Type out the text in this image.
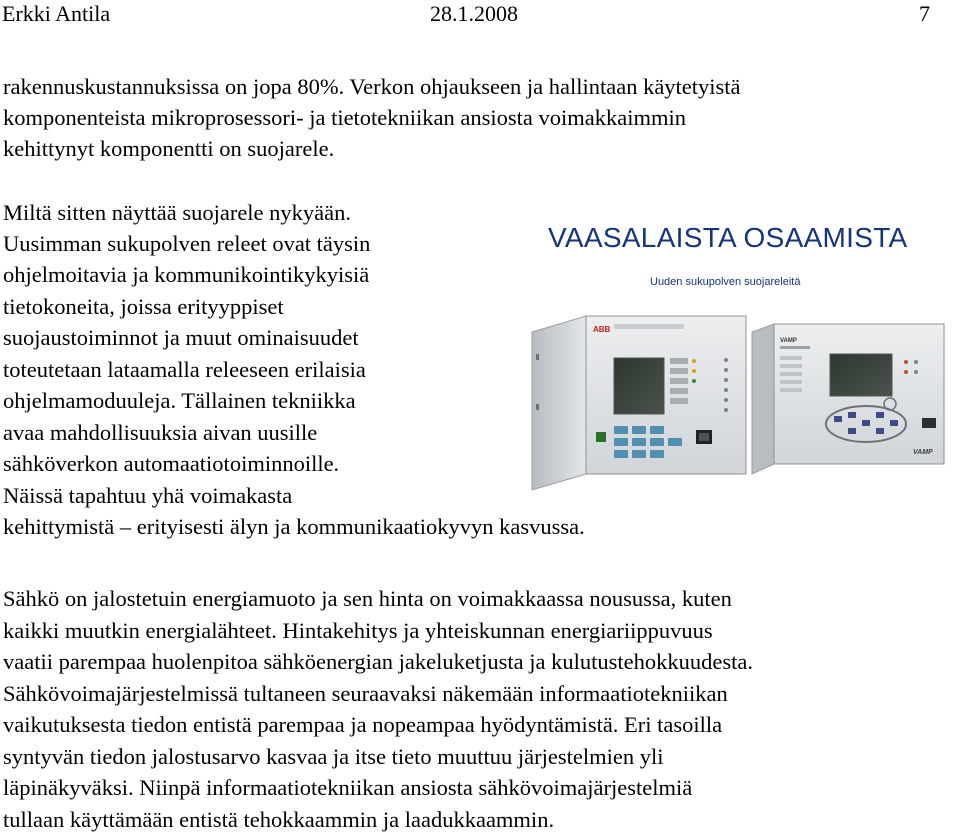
Erkki Antila	28.1.2008	7
rakennuskustannuksissa on jopa 80%. Verkon ohjaukseen ja hallintaan käytetyistä
komponenteista mikroprosessori- ja tietotekniikan ansiosta voimakkaimmin
kehittynyt komponentti on suojarele.
Miltä sitten näyttää suojarele nykyään.
Uusimman sukupolven releet ovat täysin
ohjelmoitavia ja kommunikointikykyisiä
tietokoneita, joissa erityyppiset
suojaustoiminnot ja muut ominaisuudet
toteutetaan lataamalla releeseen erilaisia
ohjelmamoduuleja. Tällainen tekniikka
avaa mahdollisuuksia aivan uusille
sähköverkon automaatiotoiminnoille.
Näissä tapahtuu yhä voimakasta
kehittymistä – erityisesti älyn ja kommunikaatiokyvyn kasvussa.
VAASALAISTA OSAAMISTA
Uuden sukupolven suojareleitä
ABB
VAMP
VAMP
Sähkö on jalostetuin energiamuoto ja sen hinta on voimakkaassa nousussa, kuten
kaikki muutkin energialähteet. Hintakehitys ja yhteiskunnan energiariippuvuus
vaatii parempaa huolenpitoa sähköenergian jakeluketjusta ja kulutustehokkuudesta.
Sähkövoimajärjestelmissä tultaneen seuraavaksi näkemään informaatiotekniikan
vaikutuksesta tiedon entistä parempaa ja nopeampaa hyödyntämistä. Eri tasoilla
syntyvän tiedon jalostusarvo kasvaa ja itse tieto muuttuu järjestelmien yli
läpinäkyväksi. Niinpä informaatiotekniikan ansiosta sähkövoimajärjestelmiä
tullaan käyttämään entistä tehokkaammin ja laadukkaammin.
